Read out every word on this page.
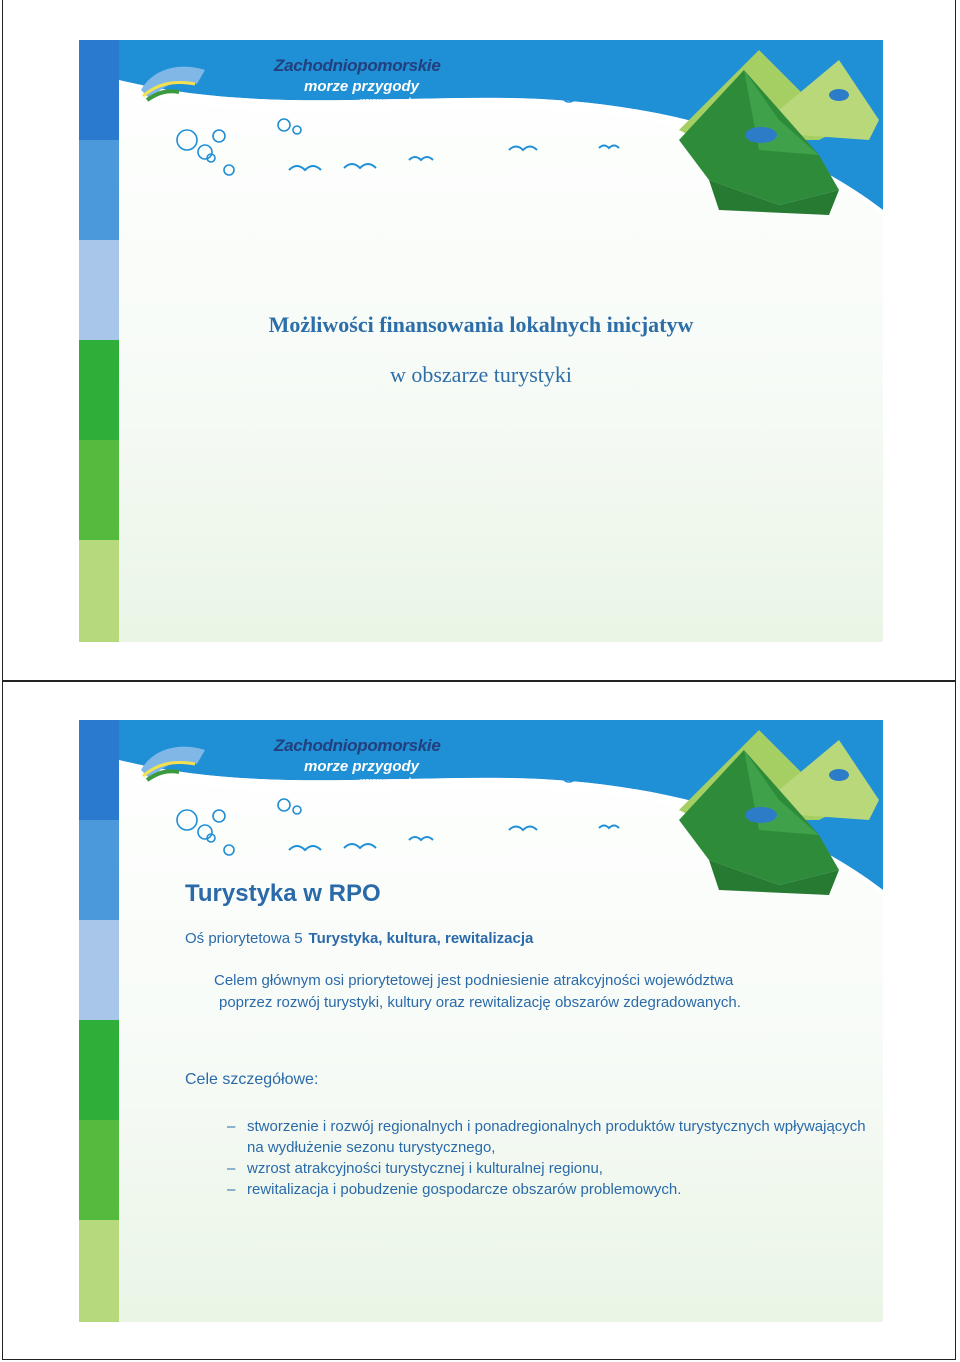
Zachodniopomorskie
morze przygody
www.wzp.pl
Możliwości finansowania lokalnych inicjatyw
w obszarze turystyki
Zachodniopomorskie
morze przygody
www.wzp.pl
Turystyka w RPO
Oś priorytetowa 5 Turystyka, kultura, rewitalizacja
Celem głównym osi priorytetowej jest podniesienie atrakcyjności województwa
poprzez rozwój turystyki, kultury oraz rewitalizację obszarów zdegradowanych.
Cele szczegółowe:
– stworzenie i rozwój regionalnych i ponadregionalnych produktów turystycznych wpływających na wydłużenie sezonu turystycznego,
– wzrost atrakcyjności turystycznej i kulturalnej regionu,
– rewitalizacja i pobudzenie gospodarcze obszarów problemowych.
